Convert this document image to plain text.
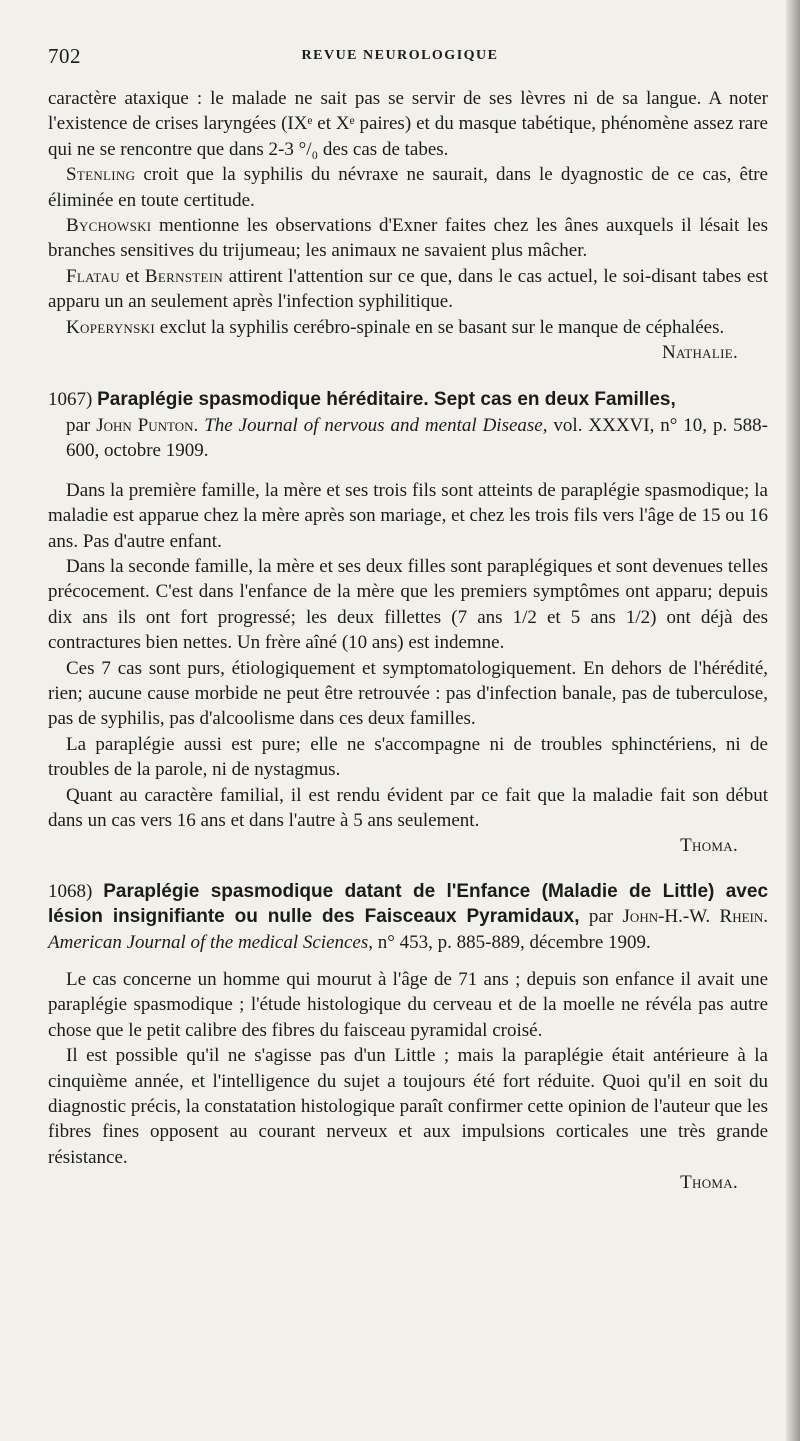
702	REVUE NEUROLOGIQUE

caractère ataxique : le malade ne sait pas se servir de ses lèvres ni de sa langue. A noter l'existence de crises laryngées (IXᵉ et Xᵉ paires) et du masque tabétique, phénomène assez rare qui ne se rencontre que dans 2-3 °/₀ des cas de tabes.

Stenling croit que la syphilis du névraxe ne saurait, dans le dyagnostic de ce cas, être éliminée en toute certitude.

Bychowski mentionne les observations d'Exner faites chez les ânes auxquels il lésait les branches sensitives du trijumeau; les animaux ne savaient plus mâcher.

Flatau et Bernstein attirent l'attention sur ce que, dans le cas actuel, le soi-disant tabes est apparu un an seulement après l'infection syphilitique.

Koperynski exclut la syphilis cerébro-spinale en se basant sur le manque de céphalées.

Nathalie.

1067) Paraplégie spasmodique héréditaire. Sept cas en deux Familles,

par John Punton. The Journal of nervous and mental Disease, vol. XXXVI, n° 10, p. 588-600, octobre 1909.

Dans la première famille, la mère et ses trois fils sont atteints de paraplégie spasmodique; la maladie est apparue chez la mère après son mariage, et chez les trois fils vers l'âge de 15 ou 16 ans. Pas d'autre enfant.

Dans la seconde famille, la mère et ses deux filles sont paraplégiques et sont devenues telles précocement. C'est dans l'enfance de la mère que les premiers symptômes ont apparu; depuis dix ans ils ont fort progressé; les deux fillettes (7 ans 1/2 et 5 ans 1/2) ont déjà des contractures bien nettes. Un frère aîné (10 ans) est indemne.

Ces 7 cas sont purs, étiologiquement et symptomatologiquement. En dehors de l'hérédité, rien; aucune cause morbide ne peut être retrouvée : pas d'infection banale, pas de tuberculose, pas de syphilis, pas d'alcoolisme dans ces deux familles.

La paraplégie aussi est pure; elle ne s'accompagne ni de troubles sphinctériens, ni de troubles de la parole, ni de nystagmus.

Quant au caractère familial, il est rendu évident par ce fait que la maladie fait son début dans un cas vers 16 ans et dans l'autre à 5 ans seulement.

Thoma.

1068) Paraplégie spasmodique datant de l'Enfance (Maladie de Little) avec lésion insignifiante ou nulle des Faisceaux Pyramidaux, par John-H.-W. Rhein. American Journal of the medical Sciences, n° 453, p. 885-889, décembre 1909.

Le cas concerne un homme qui mourut à l'âge de 71 ans ; depuis son enfance il avait une paraplégie spasmodique ; l'étude histologique du cerveau et de la moelle ne révéla pas autre chose que le petit calibre des fibres du faisceau pyramidal croisé.

Il est possible qu'il ne s'agisse pas d'un Little ; mais la paraplégie était antérieure à la cinquième année, et l'intelligence du sujet a toujours été fort réduite. Quoi qu'il en soit du diagnostic précis, la constatation histologique paraît confirmer cette opinion de l'auteur que les fibres fines opposent au courant nerveux et aux impulsions corticales une très grande résistance.

Thoma.
